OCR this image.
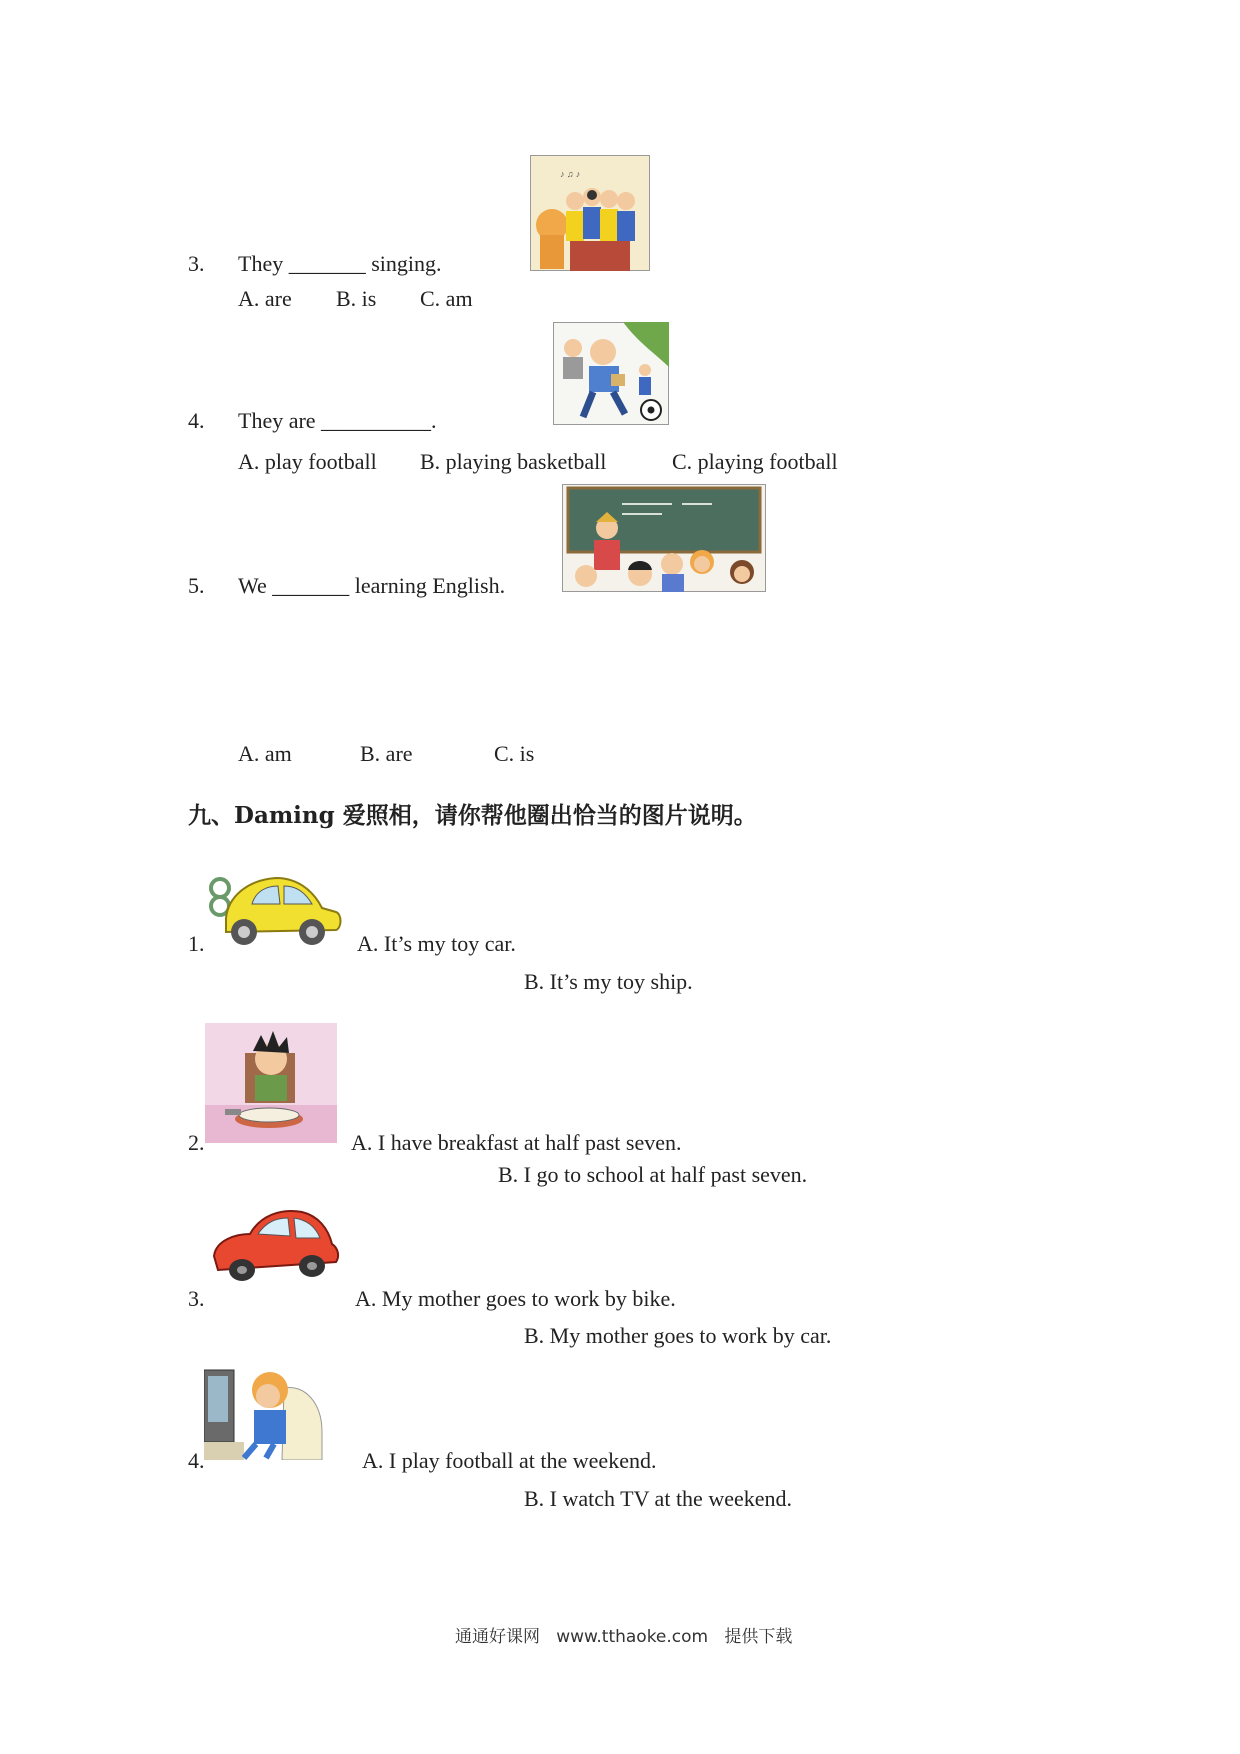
♪ ♫ ♪
3. They _______ singing.
A. are B. is C. am
4. They are __________.
A. play football B. playing basketball	C. playing football
5. We _______ learning English.
A. am	B. are	C. is
九、Daming 爱照相，请你帮他圈出恰当的图片说明。
1.	A. It’s my toy car.
B. It’s my toy ship.
2.	A. I have breakfast at half past seven.
B. I go to school at half past seven.
3.	A. My mother goes to work by bike.
B. My mother goes to work by car.
4.	A. I play football at the weekend.
B. I watch TV at the weekend.
通通好课网 www.tthaoke.com 提供下载
